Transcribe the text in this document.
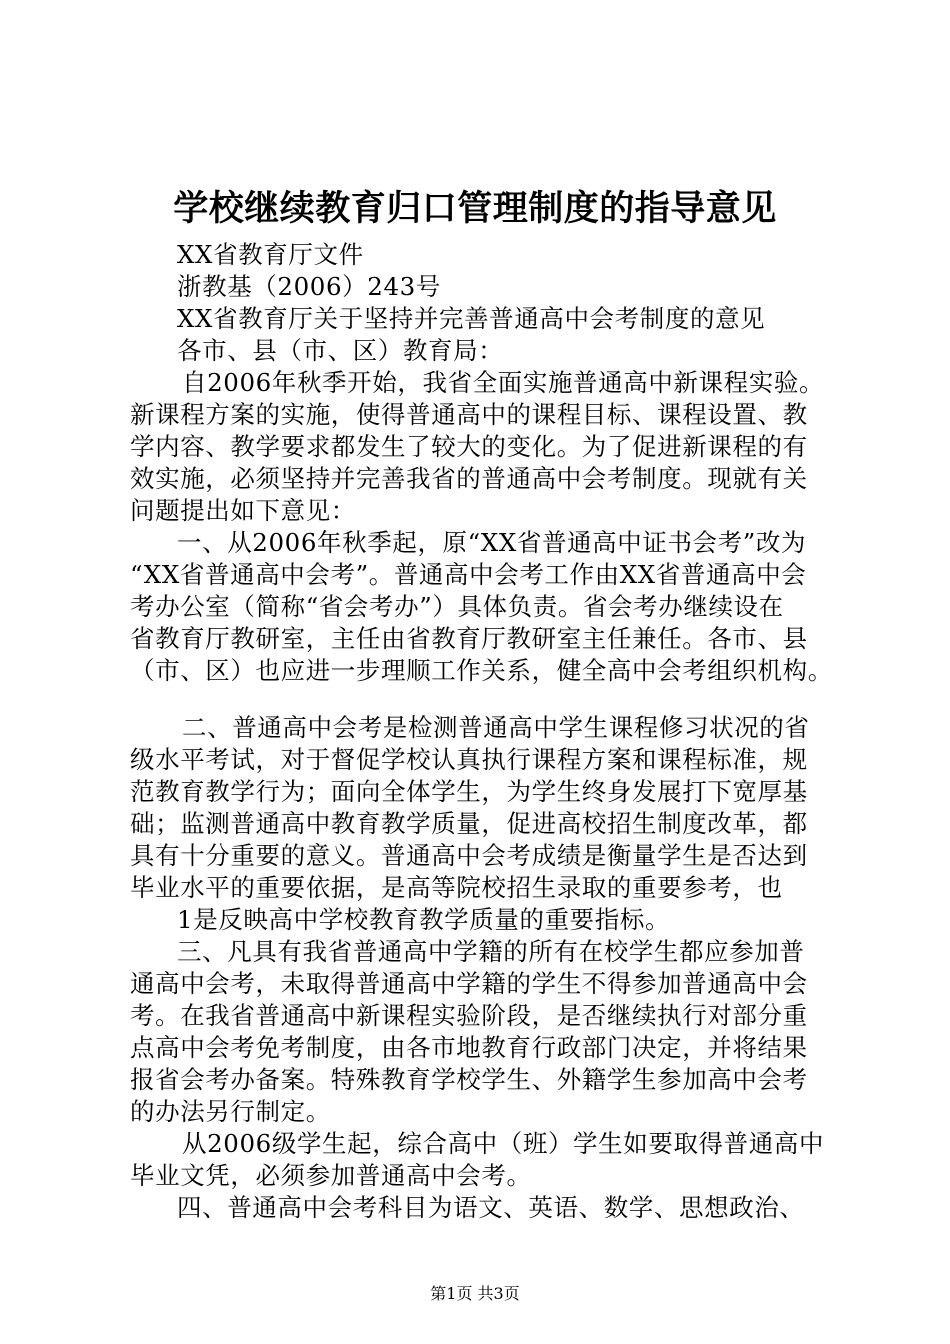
学校继续教育归口管理制度的指导意见
XX省教育厅文件
浙教基（2006）243号
XX省教育厅关于坚持并完善普通高中会考制度的意见
各市、县（市、区）教育局：
自2006年秋季开始，我省全面实施普通高中新课程实验。
新课程方案的实施，使得普通高中的课程目标、课程设置、教
学内容、教学要求都发生了较大的变化。为了促进新课程的有
效实施，必须坚持并完善我省的普通高中会考制度。现就有关
问题提出如下意见：
一、从2006年秋季起，原“XX省普通高中证书会考”改为
“XX省普通高中会考”。普通高中会考工作由XX省普通高中会
考办公室（简称“省会考办”）具体负责。省会考办继续设在
省教育厅教研室，主任由省教育厅教研室主任兼任。各市、县
（市、区）也应进一步理顺工作关系，健全高中会考组织机构。
二、普通高中会考是检测普通高中学生课程修习状况的省
级水平考试，对于督促学校认真执行课程方案和课程标准，规
范教育教学行为；面向全体学生，为学生终身发展打下宽厚基
础；监测普通高中教育教学质量，促进高校招生制度改革，都
具有十分重要的意义。普通高中会考成绩是衡量学生是否达到
毕业水平的重要依据，是高等院校招生录取的重要参考，也
1是反映高中学校教育教学质量的重要指标。
三、凡具有我省普通高中学籍的所有在校学生都应参加普
通高中会考，未取得普通高中学籍的学生不得参加普通高中会
考。在我省普通高中新课程实验阶段，是否继续执行对部分重
点高中会考免考制度，由各市地教育行政部门决定，并将结果
报省会考办备案。特殊教育学校学生、外籍学生参加高中会考
的办法另行制定。
从2006级学生起，综合高中（班）学生如要取得普通高中
毕业文凭，必须参加普通高中会考。
四、普通高中会考科目为语文、英语、数学、思想政治、
第1页 共3页
